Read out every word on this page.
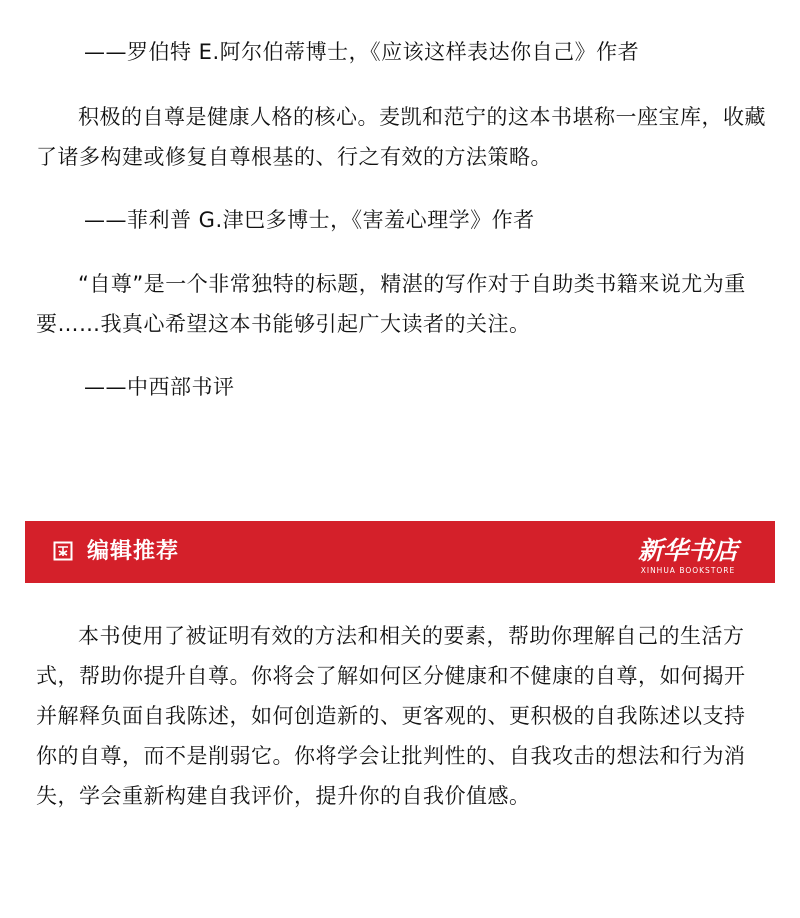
——罗伯特 E.阿尔伯蒂博士，《应该这样表达你自己》作者

积极的自尊是健康人格的核心。麦凯和范宁的这本书堪称一座宝库，收藏了诸多构建或修复自尊根基的、行之有效的方法策略。

——菲利普 G.津巴多博士，《害羞心理学》作者

“自尊”是一个非常独特的标题，精湛的写作对于自助类书籍来说尤为重要……我真心希望这本书能够引起广大读者的关注。

——中西部书评

编辑推荐	新华书店
XINHUA BOOKSTORE

本书使用了被证明有效的方法和相关的要素，帮助你理解自己的生活方式，帮助你提升自尊。你将会了解如何区分健康和不健康的自尊，如何揭开并解释负面自我陈述，如何创造新的、更客观的、更积极的自我陈述以支持你的自尊，而不是削弱它。你将学会让批判性的、自我攻击的想法和行为消失，学会重新构建自我评价，提升你的自我价值感。
